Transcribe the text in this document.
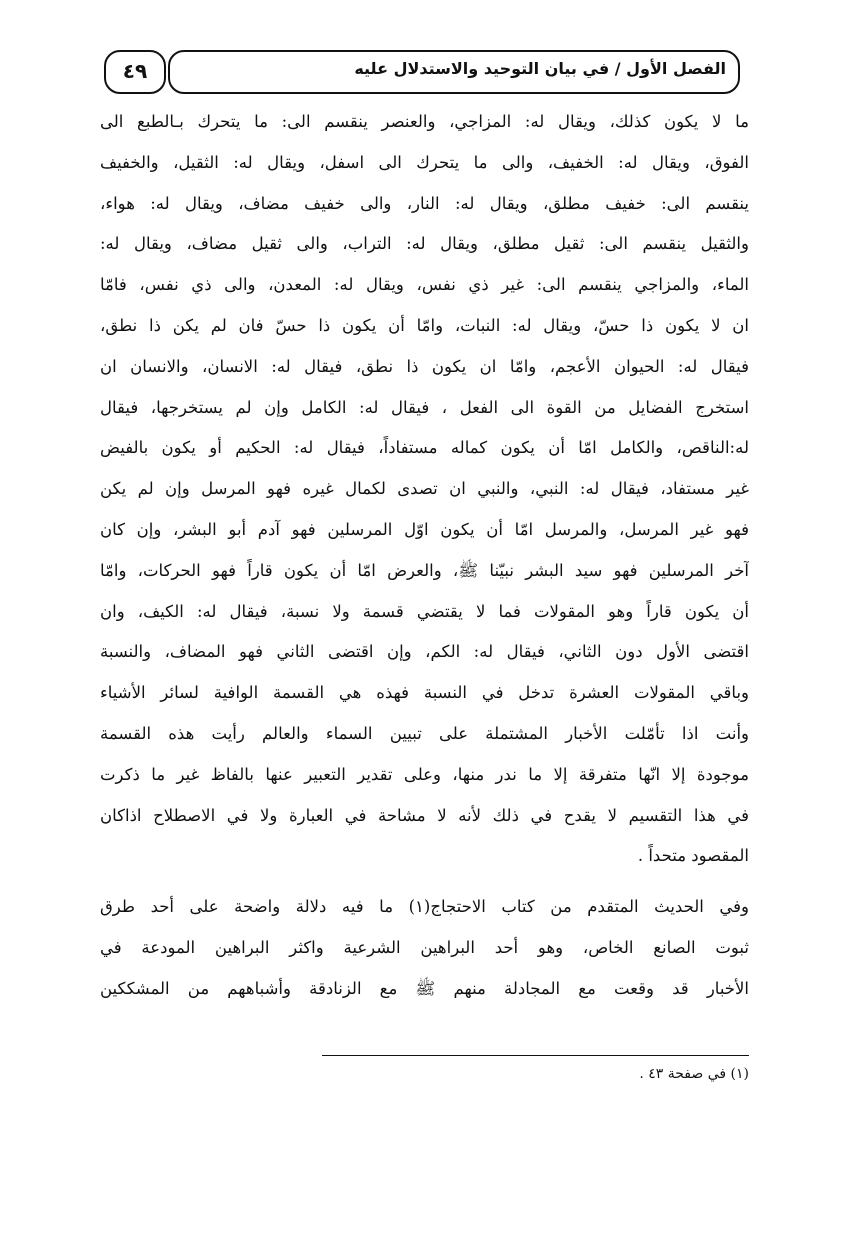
٤٩	الفصل الأول / في بيان التوحيد والاستدلال عليه
ما لا يكون كذلك، ويقال له: المزاجي، والعنصر ينقسم الى: ما يتحرك بـالطبع الى
الفوق، ويقال له: الخفيف، والى ما يتحرك الى اسفل، ويقال له: الثقيل، والخفيف
ينقسم الى: خفيف مطلق، ويقال له: النار، والى خفيف مضاف، ويقال له: هواء،
والثقيل ينقسم الى: ثقيل مطلق، ويقال له: التراب، والى ثقيل مضاف، ويقال له:
الماء، والمزاجي ينقسم الى: غير ذي نفس، ويقال له: المعدن، والى ذي نفس، فامّا
ان لا يكون ذا حسّ، ويقال له: النبات، وامّا أن يكون ذا حسّ فان لم يكن ذا نطق،
فيقال له: الحيوان الأعجم، وامّا ان يكون ذا نطق، فيقال له: الانسان، والانسان ان
استخرج الفضايل من القوة الى الفعل ، فيقال له: الكامل وإن لم يستخرجها، فيقال
له:الناقص، والكامل امّا أن يكون كماله مستفاداً، فيقال له: الحكيم أو يكون بالفيض
غير مستفاد، فيقال له: النبي، والنبي ان تصدى لكمال غيره فهو المرسل وإن لم يكن
فهو غير المرسل، والمرسل امّا أن يكون اوّل المرسلين فهو آدم أبو البشر، وإن كان
آخر المرسلين فهو سيد البشر نبيّنا ﷺ، والعرض امّا أن يكون قاراً فهو الحركات، وامّا
أن يكون قاراً وهو المقولات فما لا يقتضي قسمة ولا نسبة، فيقال له: الكيف، وان
اقتضى الأول دون الثاني، فيقال له: الكم، وإن اقتضى الثاني فهو المضاف، والنسبة
وباقي المقولات العشرة تدخل في النسبة فهذه هي القسمة الوافية لسائر الأشياء
وأنت اذا تأمّلت الأخبار المشتملة على تبيين السماء والعالم رأيت هذه القسمة
موجودة إلا انّها متفرقة إلا ما ندر منها، وعلى تقدير التعبير عنها بالفاظ غير ما ذكرت
في هذا التقسيم لا يقدح في ذلك لأنه لا مشاحة في العبارة ولا في الاصطلاح اذاكان
المقصود متحداً .
وفي الحديث المتقدم من كتاب الاحتجاج(١) ما فيه دلالة واضحة على أحد طرق
ثبوت الصانع الخاص، وهو أحد البراهين الشرعية واكثر البراهين المودعة في
الأخبار قد وقعت مع المجادلة منهم ﷺ مع الزنادقة وأشباههم من المشككين
(١) في صفحة ٤٣ .
